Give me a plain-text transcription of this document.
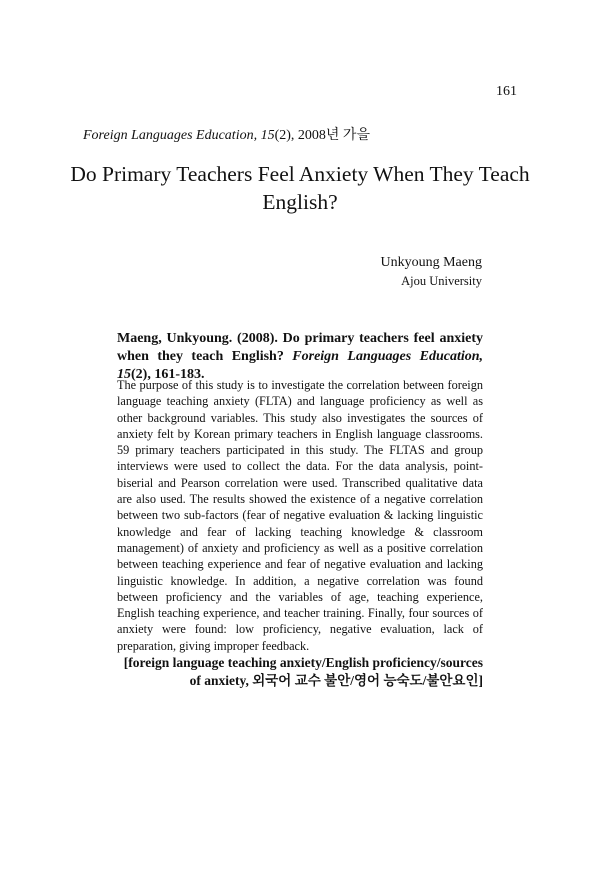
161
Foreign Languages Education, 15(2), 2008년 가을
Do Primary Teachers Feel Anxiety When They Teach English?
Unkyoung Maeng
Ajou University
Maeng, Unkyoung. (2008). Do primary teachers feel anxiety when they teach English? Foreign Languages Education, 15(2), 161-183.
The purpose of this study is to investigate the correlation between foreign language teaching anxiety (FLTA) and language proficiency as well as other background variables. This study also investigates the sources of anxiety felt by Korean primary teachers in English language classrooms. 59 primary teachers participated in this study. The FLTAS and group interviews were used to collect the data. For the data analysis, point-biserial and Pearson correlation were used. Transcribed qualitative data are also used. The results showed the existence of a negative correlation between two sub-factors (fear of negative evaluation & lacking linguistic knowledge and fear of lacking teaching knowledge & classroom management) of anxiety and proficiency as well as a positive correlation between teaching experience and fear of negative evaluation and lacking linguistic knowledge. In addition, a negative correlation was found between proficiency and the variables of age, teaching experience, English teaching experience, and teacher training. Finally, four sources of anxiety were found: low proficiency, negative evaluation, lack of preparation, giving improper feedback.
[foreign language teaching anxiety/English proficiency/sources of anxiety, 외국어 교수 불안/영어 능숙도/불안요인]
